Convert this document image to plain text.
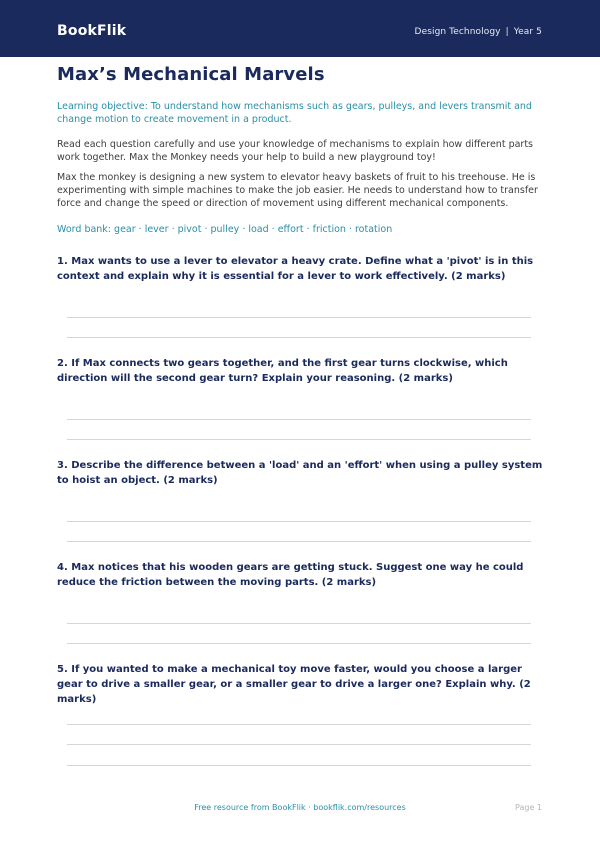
BookFlik	Design Technology | Year 5
Max’s Mechanical Marvels

Learning objective: To understand how mechanisms such as gears, pulleys, and levers transmit and change motion to create movement in a product.

Read each question carefully and use your knowledge of mechanisms to explain how different parts work together. Max the Monkey needs your help to build a new playground toy!

Max the monkey is designing a new system to elevator heavy baskets of fruit to his treehouse. He is experimenting with simple machines to make the job easier. He needs to understand how to transfer force and change the speed or direction of movement using different mechanical components.

Word bank: gear · lever · pivot · pulley · load · effort · friction · rotation

1. Max wants to use a lever to elevator a heavy crate. Define what a 'pivot' is in this context and explain why it is essential for a lever to work effectively. (2 marks)

2. If Max connects two gears together, and the first gear turns clockwise, which direction will the second gear turn? Explain your reasoning. (2 marks)

3. Describe the difference between a 'load' and an 'effort' when using a pulley system to hoist an object. (2 marks)

4. Max notices that his wooden gears are getting stuck. Suggest one way he could reduce the friction between the moving parts. (2 marks)

5. If you wanted to make a mechanical toy move faster, would you choose a larger gear to drive a smaller gear, or a smaller gear to drive a larger one? Explain why. (2 marks)

Free resource from BookFlik · bookflik.com/resources	Page 1
